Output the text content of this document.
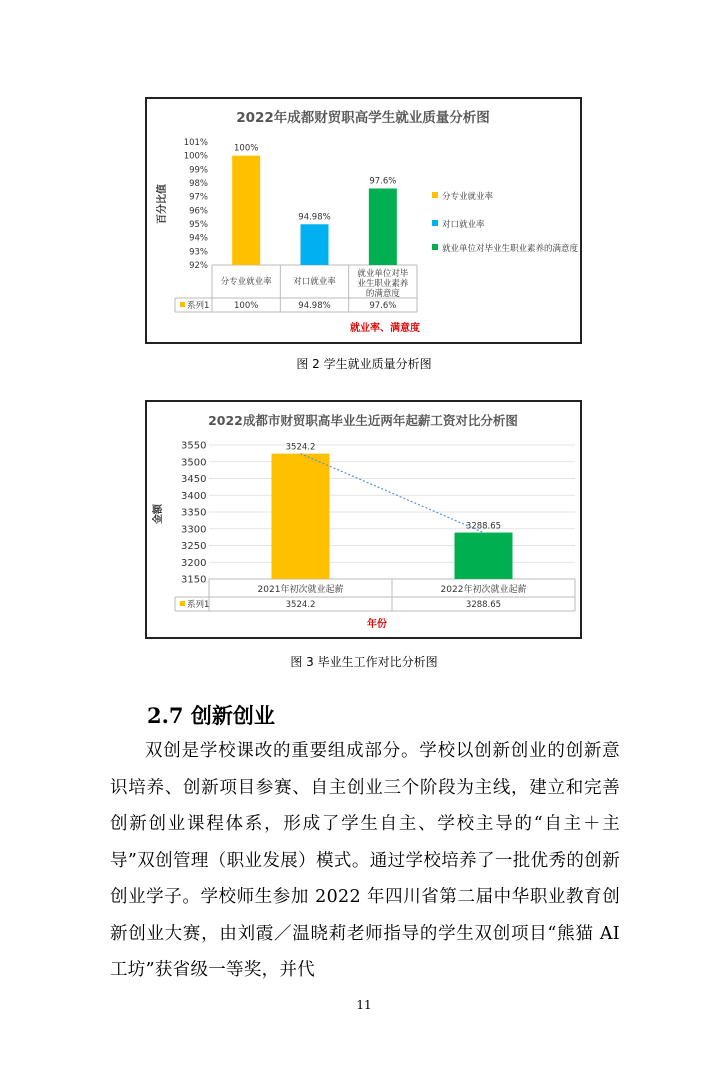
2022年成都财贸职高学生就业质量分析图
101%
100%
99%
98%
97%
96%
95%
94%
93%
92%
百分比值
100%
94.98%
97.6%
分专业就业率
100%
对口就业率
94.98%
就业单位对毕
业生职业素养
的满意度
97.6%
系列1
就业率、满意度
分专业就业率
对口就业率
就业单位对毕业生职业素养的满意度
图 2 学生就业质量分析图
2022成都市财贸职高毕业生近两年起薪工资对比分析图
3550
3500
3450
3400
3350
3300
3250
3200
3150
金额
3524.2
3288.65
2021年初次就业起薪
3524.2
2022年初次就业起薪
3288.65
系列1
年份
图 3 毕业生工作对比分析图
2.7 创新创业

双创是学校课改的重要组成部分。学校以创新创业的创新意识培养、创新项目参赛、自主创业三个阶段为主线，建立和完善创新创业课程体系，形成了学生自主、学校主导的“自主＋主导”双创管理（职业发展）模式。通过学校培养了一批优秀的创新创业学子。学校师生参加 2022 年四川省第二届中华职业教育创新创业大赛，由刘霞／温晓莉老师指导的学生双创项目“熊猫 AI 工坊”获省级一等奖，并代

11
